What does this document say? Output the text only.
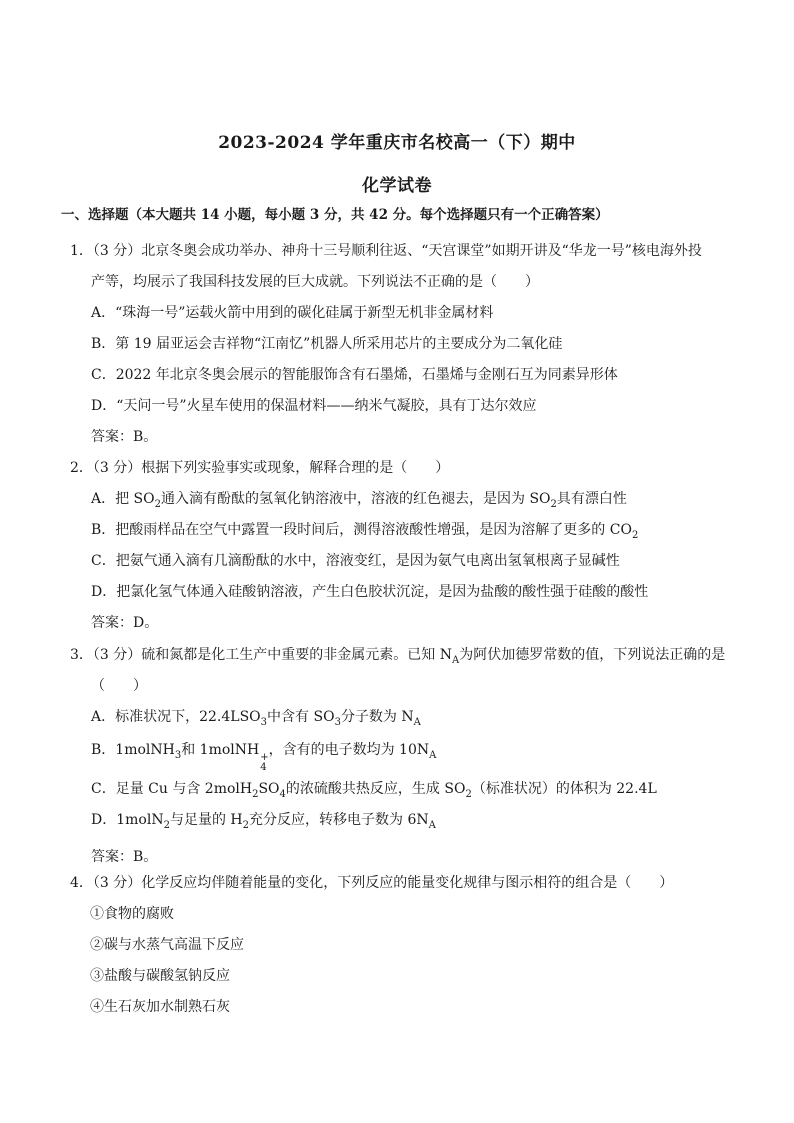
2023-2024 学年重庆市名校高一（下）期中
化学试卷
一、选择题（本大题共 14 小题，每小题 3 分，共 42 分。每个选择题只有一个正确答案）
1．（3 分）北京冬奥会成功举办、神舟十三号顺利往返、“天宫课堂”如期开讲及“华龙一号”核电海外投
产等，均展示了我国科技发展的巨大成就。下列说法不正确的是（　　）
A．“珠海一号”运载火箭中用到的碳化硅属于新型无机非金属材料
B．第 19 届亚运会吉祥物“江南忆”机器人所采用芯片的主要成分为二氧化硅
C．2022 年北京冬奥会展示的智能服饰含有石墨烯，石墨烯与金刚石互为同素异形体
D．“天问一号”火星车使用的保温材料——纳米气凝胶，具有丁达尔效应
答案：B。
2．（3 分）根据下列实验事实或现象，解释合理的是（　　）
A．把 $SO_2$通入滴有酚酞的氢氧化钠溶液中，溶液的红色褪去，是因为 $SO_2$具有漂白性
B．把酸雨样品在空气中露置一段时间后，测得溶液酸性增强，是因为溶解了更多的 $CO_2$
C．把氨气通入滴有几滴酚酞的水中，溶液变红，是因为氨气电离出氢氧根离子显碱性
D．把氯化氢气体通入硅酸钠溶液，产生白色胶状沉淀，是因为盐酸的酸性强于硅酸的酸性
答案：D。
3．（3 分）硫和氮都是化工生产中重要的非金属元素。已知 $N_A$为阿伏加德罗常数的值，下列说法正确的是
（　　）
A．标准状况下，$22.4LSO_3$中含有 $SO_3$分子数为 $N_A$
B．1molNH$_3$和 1molNH +
4
，含有的电子数均为 $10N_A$
C．足量 Cu 与含 $2molH_2SO_4$的浓硫酸共热反应，生成 $SO_2$（标准状况）的体积为 22.4L
D．1molN$_2$与足量的 $H_2$充分反应，转移电子数为 $6N_A$
答案：B。
4．（3 分）化学反应均伴随着能量的变化，下列反应的能量变化规律与图示相符的组合是（　　）
①食物的腐败
②碳与水蒸气高温下反应
③盐酸与碳酸氢钠反应
④生石灰加水制熟石灰
